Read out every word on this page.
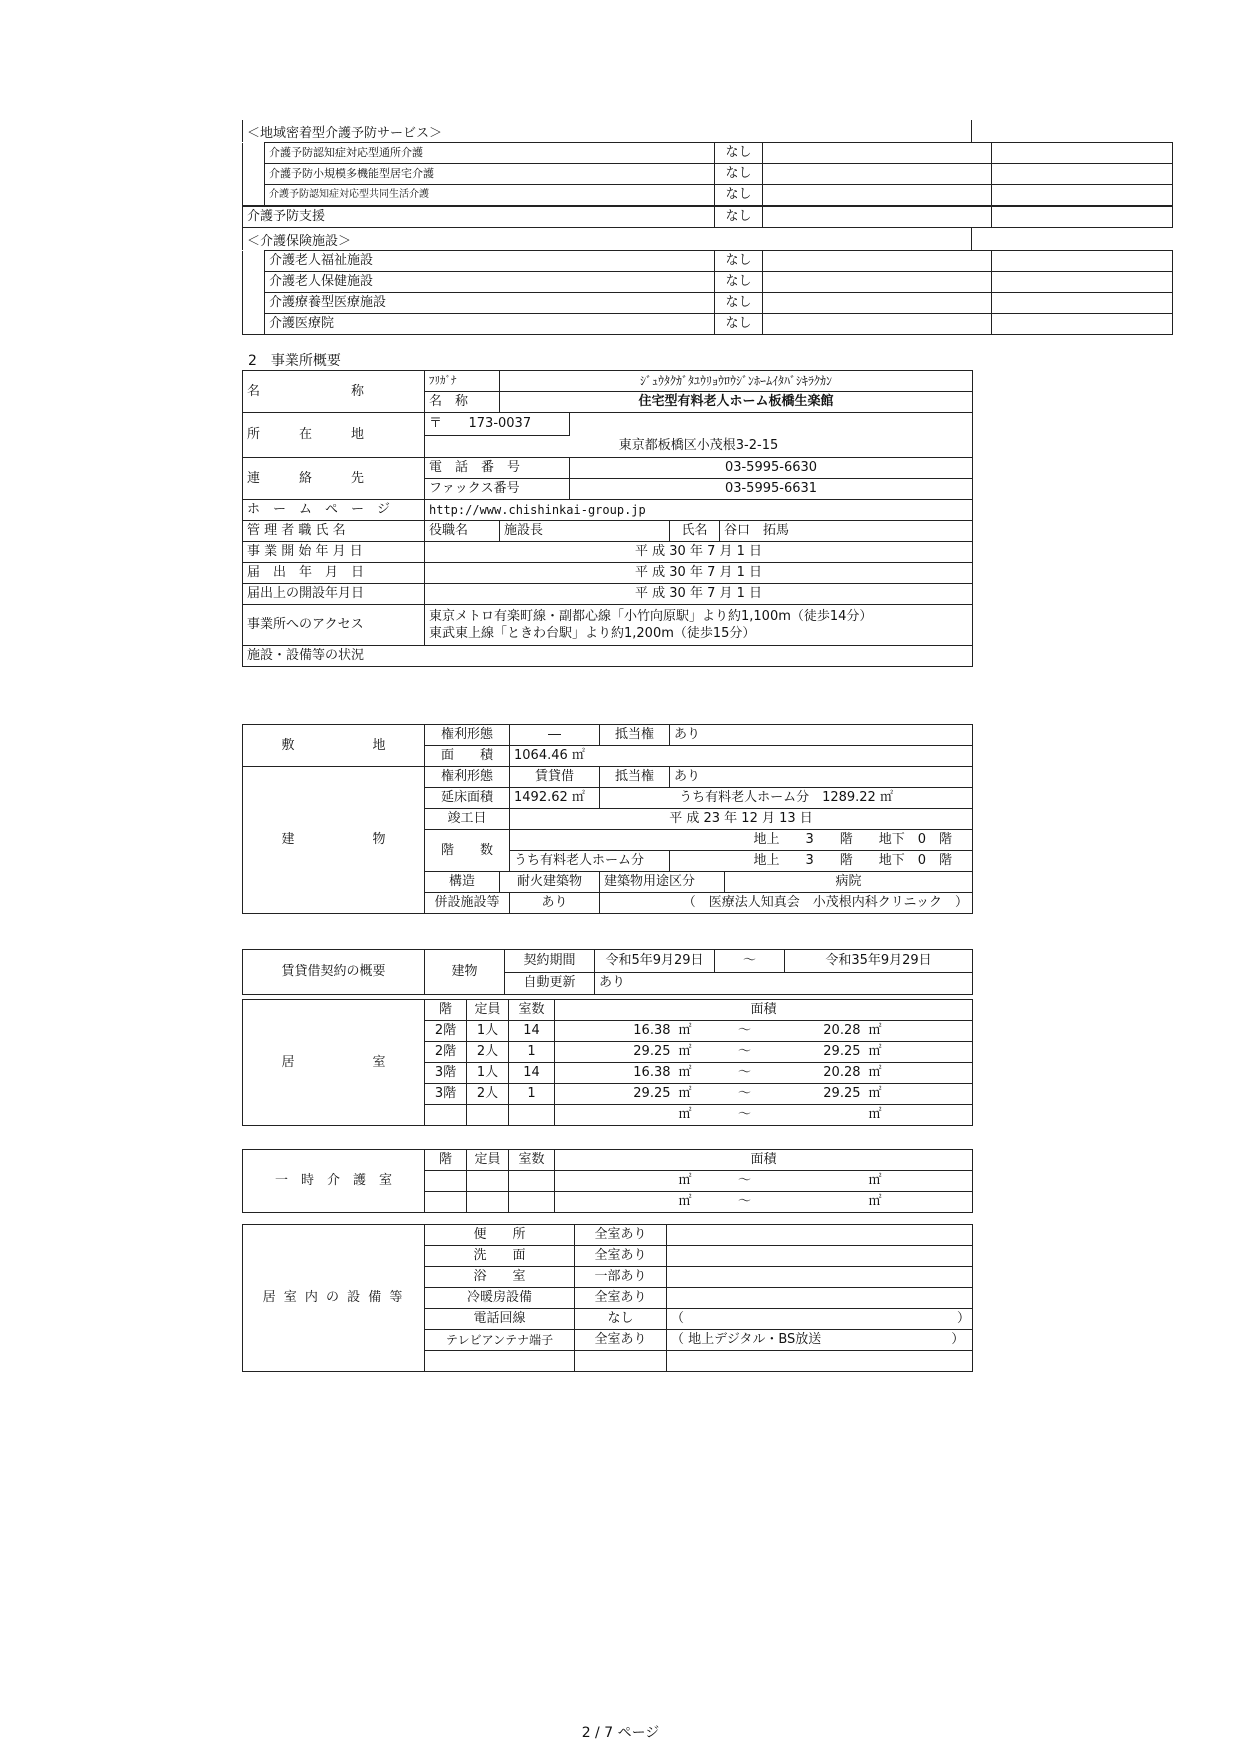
＜地域密着型介護予防サービス＞
	介護予防認知症対応型通所介護	なし		
	介護予防小規模多機能型居宅介護	なし		
	介護予防認知症対応型共同生活介護	なし		
介護予防支援	なし		
＜介護保険施設＞
	介護老人福祉施設	なし		
	介護老人保健施設	なし		
	介護療養型医療施設	なし		
	介護医療院	なし		
2　事業所概要
名　　　　　　　称	ﾌﾘｶﾞﾅ		ｼﾞｭｳﾀｸｶﾞﾀﾕｳﾘｮｳﾛｳｼﾞﾝﾎｰﾑｲﾀﾊﾞｼｷﾗｸｶﾝ			
	名　称		住宅型有料老人ホーム板橋生楽館			
所　　　在　　　地	〒	173-0037				
	東京都板橋区小茂根3-2-15					
連　　　絡　　　先	電　話　番　号			03-5995-6630		
	ファックス番号			03-5995-6631		
ホ　ー　ム　ペ　ー　ジ	http://www.chishinkai-group.jp					
管 理 者 職 氏 名	役職名		施設長		氏名	谷口　拓馬
事 業 開 始 年 月 日	平 成 30 年 7 月 1 日					
届　出　年　月　日	平 成 30 年 7 月 1 日					
届出上の開設年月日	平 成 30 年 7 月 1 日					
事業所へのアクセス	東京メトロ有楽町線・副都心線「小竹向原駅」より約1,100m（徒歩14分）
東武東上線「ときわ台駅」より約1,200m（徒歩15分）					

施設・設備等の状況						
敷　　　　　　地	権利形態		―	抵当権	あり	
	面　　積		1064.46 ㎡			
建　　　　　　物	権利形態		賃貸借	抵当権	あり	
	延床面積		1492.62 ㎡	うち有料老人ホーム分　1289.22 ㎡		
	竣工日		平 成 23 年 12 月 13 日			
	階　　数		地上　　3　　階　　地下　0　階			
			うち有料老人ホーム分		地上　　3　　階　　地下　0　階	
	構造	耐火建築物		建築物用途区分		病院
	併設施設等		あり	（　医療法人知真会　小茂根内科クリニック　）		
賃貸借契約の概要	建物	契約期間	令和5年9月29日	～	令和35年9月29日
		自動更新	あり		
居　　　　　　室	階	定員	室数	面積				
	2階	1人	14	16.38	㎡	～	20.28	㎡
	2階	2人	1	29.25	㎡	～	29.25	㎡
	3階	1人	14	16.38	㎡	～	20.28	㎡
	3階	2人	1	29.25	㎡	～	29.25	㎡
					㎡	～		㎡
一　時　介　護　室	階	定員	室数	面積				
					㎡	～		㎡
					㎡	～		㎡
居 室 内 の 設 備 等	便　　所	全室あり	
	洗　　面	全室あり	
	浴　　室	一部あり	
	冷暖房設備	全室あり	
	電話回線	なし	（　　　　　　　　　　　　　　　　　　　　　）
	テレビアンテナ端子	全室あり	（ 地上デジタル・BS放送　　　　　　　　　　）

2 / 7 ページ
